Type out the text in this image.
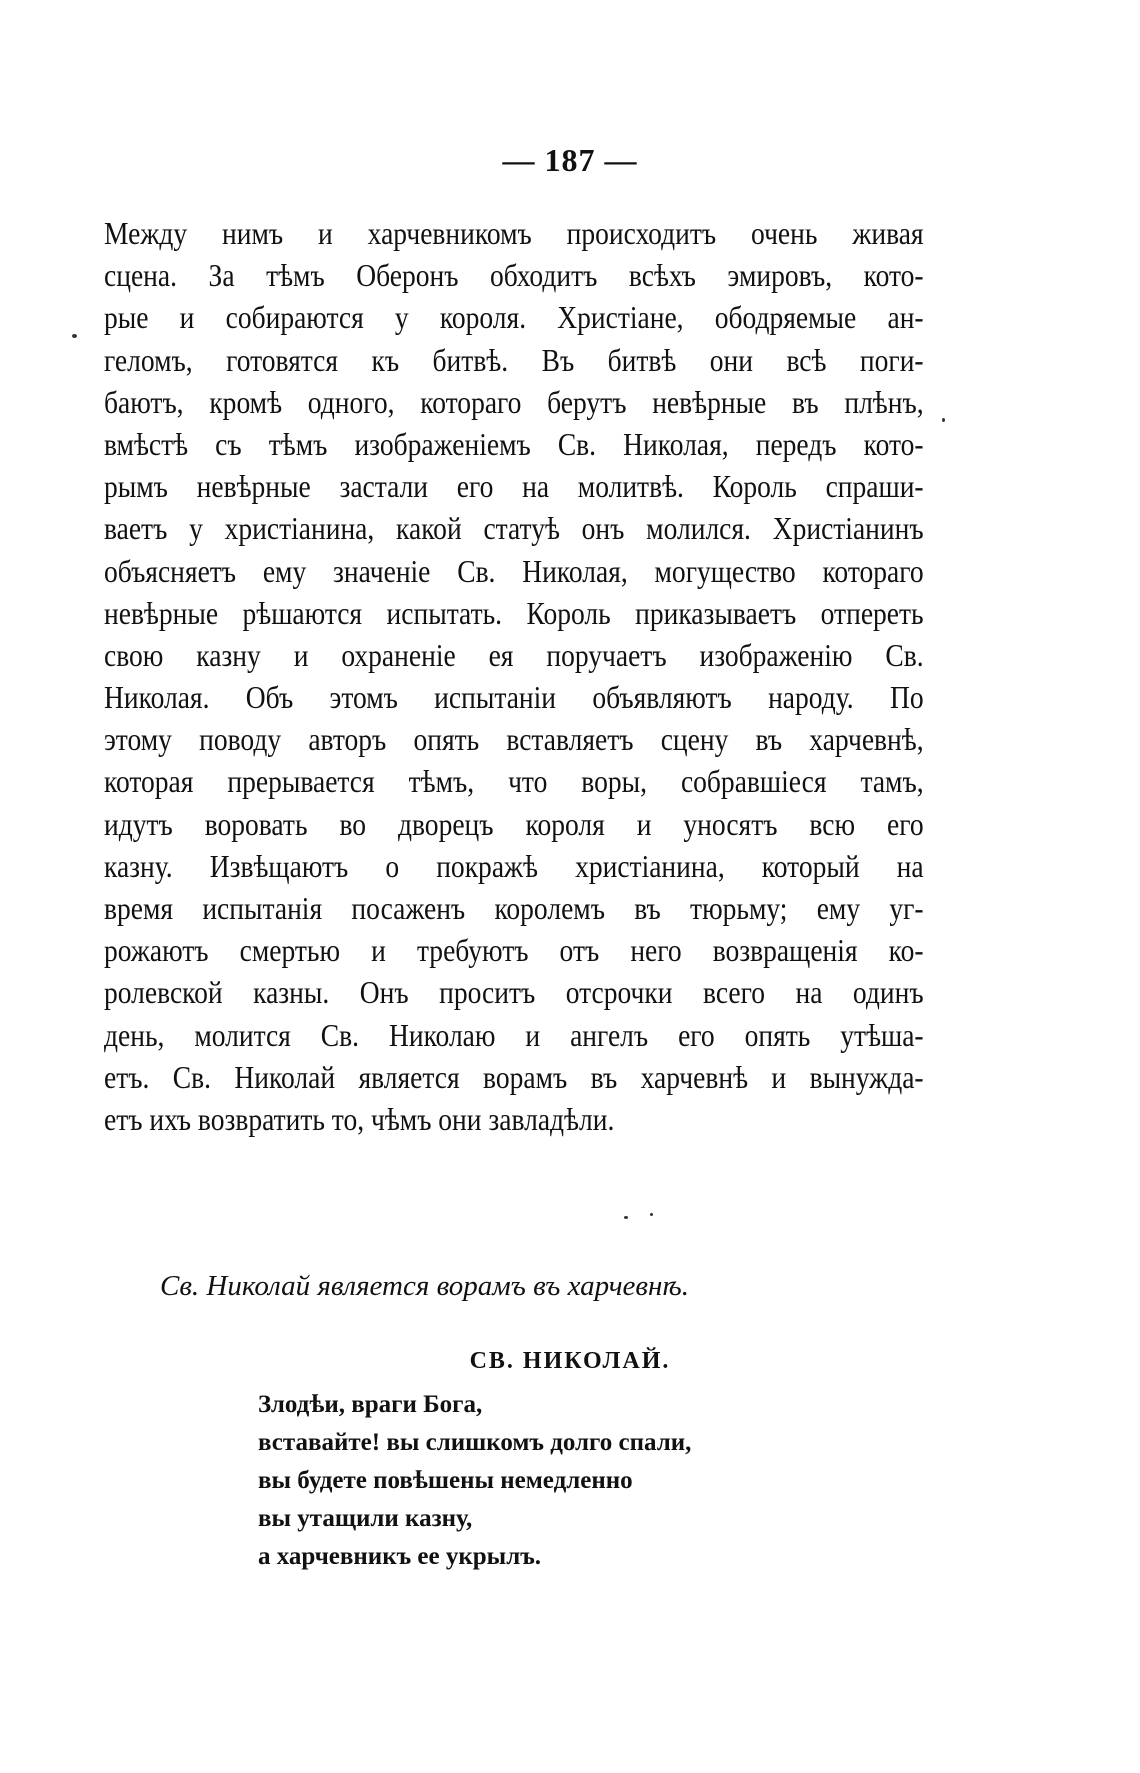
— 187 —
Между нимъ и харчевникомъ происходитъ очень живая
сцена. За тѣмъ Оберонъ обходитъ всѣхъ эмировъ, кото-
рые и собираются у короля. Христiане, ободряемые ан-
геломъ, готовятся къ битвѣ. Въ битвѣ они всѣ поги-
баютъ, кромѣ одного, котораго берутъ невѣрные въ плѣнъ,
вмѣстѣ съ тѣмъ изображенiемъ Св. Николая, передъ кото-
рымъ невѣрные застали его на молитвѣ. Король спраши-
ваетъ у христiанина, какой статуѣ онъ молился. Христiанинъ
объясняетъ ему значенiе Св. Николая, могущество котораго
невѣрные рѣшаются испытать. Король приказываетъ отпереть
свою казну и охраненiе ея поручаетъ изображенiю Св.
Николая. Объ этомъ испытанiи объявляютъ народу. По
этому поводу авторъ опять вставляетъ сцену въ харчевнѣ,
которая прерывается тѣмъ, что воры, собравшiеся тамъ,
идутъ воровать во дворецъ короля и уносятъ всю его
казну. Извѣщаютъ о покражѣ христiанина, который на
время испытанiя посаженъ королемъ въ тюрьму; ему уг-
рожаютъ смертью и требуютъ отъ него возвращенiя ко-
ролевской казны. Онъ проситъ отсрочки всего на одинъ
день, молится Св. Николаю и ангелъ его опять утѣша-
етъ. Св. Николай является ворамъ въ харчевнѣ и вынужда-
етъ ихъ возвратить то, чѣмъ они завладѣли.
Св. Николай является ворамъ въ харчевнѣ.
СВ. НИКОЛАЙ.
Злодѣи, враги Бога,
вставайте! вы слишкомъ долго спали,
вы будете повѣшены немедленно
вы утащили казну,
а харчевникъ ее укрылъ.
